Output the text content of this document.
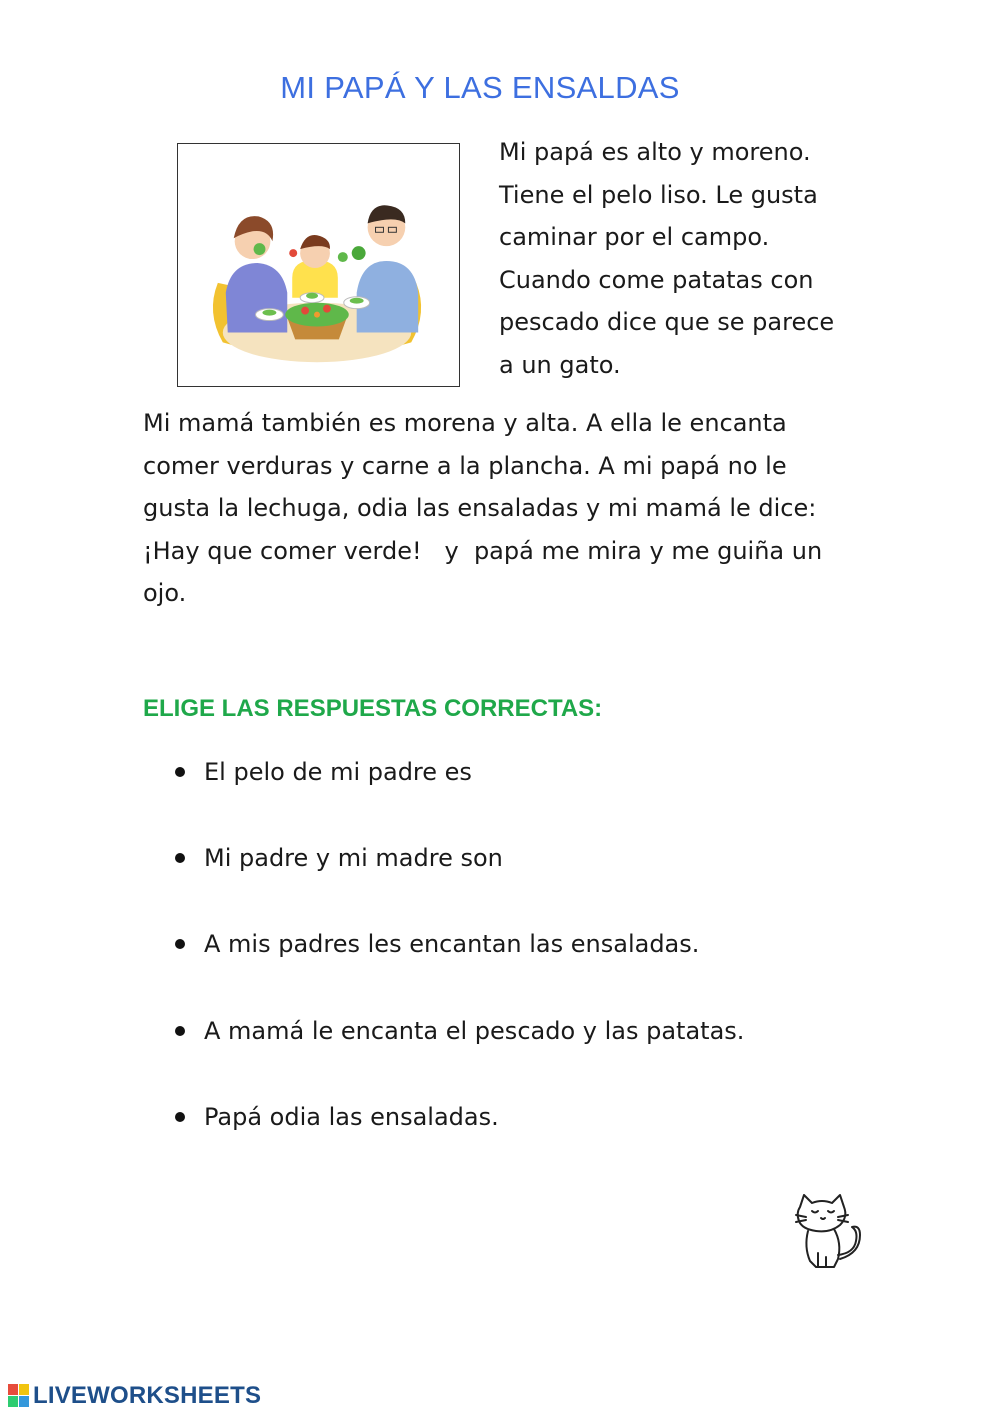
MI PAPÁ Y LAS ENSALDAS
Mi papá es alto y moreno.
Tiene el pelo liso. Le gusta
caminar por el campo.
Cuando come patatas con
pescado dice que se parece
a un gato.
Mi mamá también es morena y alta. A ella le encanta
comer verduras y carne a la plancha. A mi papá no le
gusta la lechuga, odia las ensaladas y mi mamá le dice:
¡Hay que comer verde!   y  papá me mira y me guiña un
ojo.
ELIGE LAS RESPUESTAS CORRECTAS:
El pelo de mi padre es
Mi padre y mi madre son
A mis padres les encantan las ensaladas.
A mamá le encanta el pescado y las patatas.
Papá odia las ensaladas.
LIVEWORKSHEETS
